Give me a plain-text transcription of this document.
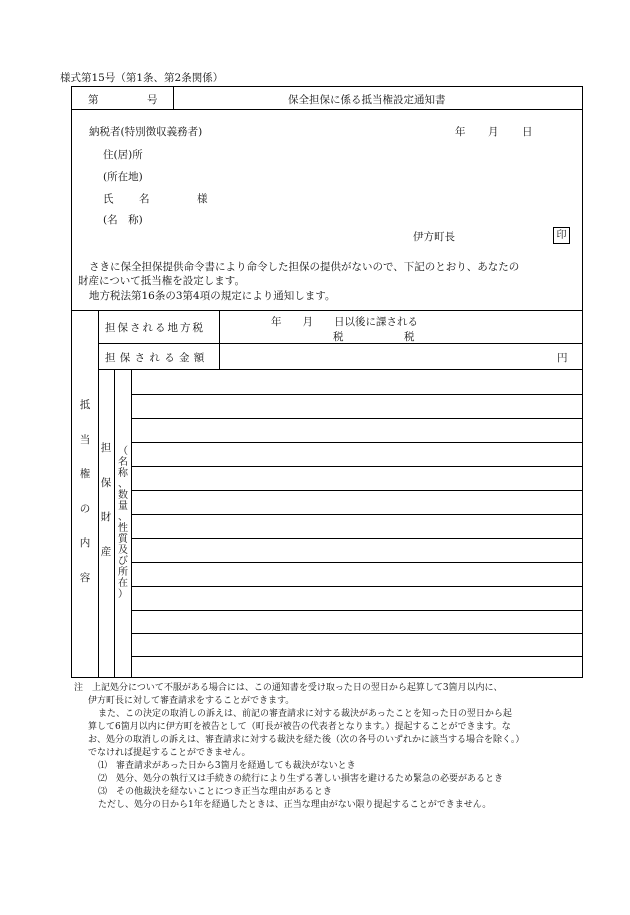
様式第15号（第1条、第2条関係）
第	号	保全担保に係る抵当権設定通知書
年 月 日
納税者(特別徴収義務者)
住(居)所
(所在地)
氏 名	様
(名　称)
伊方町長	印
さきに保全担保提供命令書により命令した担保の提供がないので、下記のとおり、あなたの
財産について抵当権を設定します。
地方税法第16条の3第4項の規定により通知します。
担保される地方税	年　　月　　日以後に課される
税	税
担保される金額	円
抵
当
権
の
内
容
担
保
財
産
（
名
称
、
数
量
、
性
質
及
び
所
在
）
注　上記処分について不服がある場合には、この通知書を受け取った日の翌日から起算して3箇月以内に、
伊方町長に対して審査請求をすることができます。
また、この決定の取消しの訴えは、前記の審査請求に対する裁決があったことを知った日の翌日から起
算して6箇月以内に伊方町を被告として（町長が被告の代表者となります。）提起することができます。な
お、処分の取消しの訴えは、審査請求に対する裁決を経た後（次の各号のいずれかに該当する場合を除く。）
でなければ提起することができません。
⑴　審査請求があった日から3箇月を経過しても裁決がないとき
⑵　処分、処分の執行又は手続きの続行により生ずる著しい損害を避けるため緊急の必要があるとき
⑶　その他裁決を経ないことにつき正当な理由があるとき
ただし、処分の日から1年を経過したときは、正当な理由がない限り提起することができません。
